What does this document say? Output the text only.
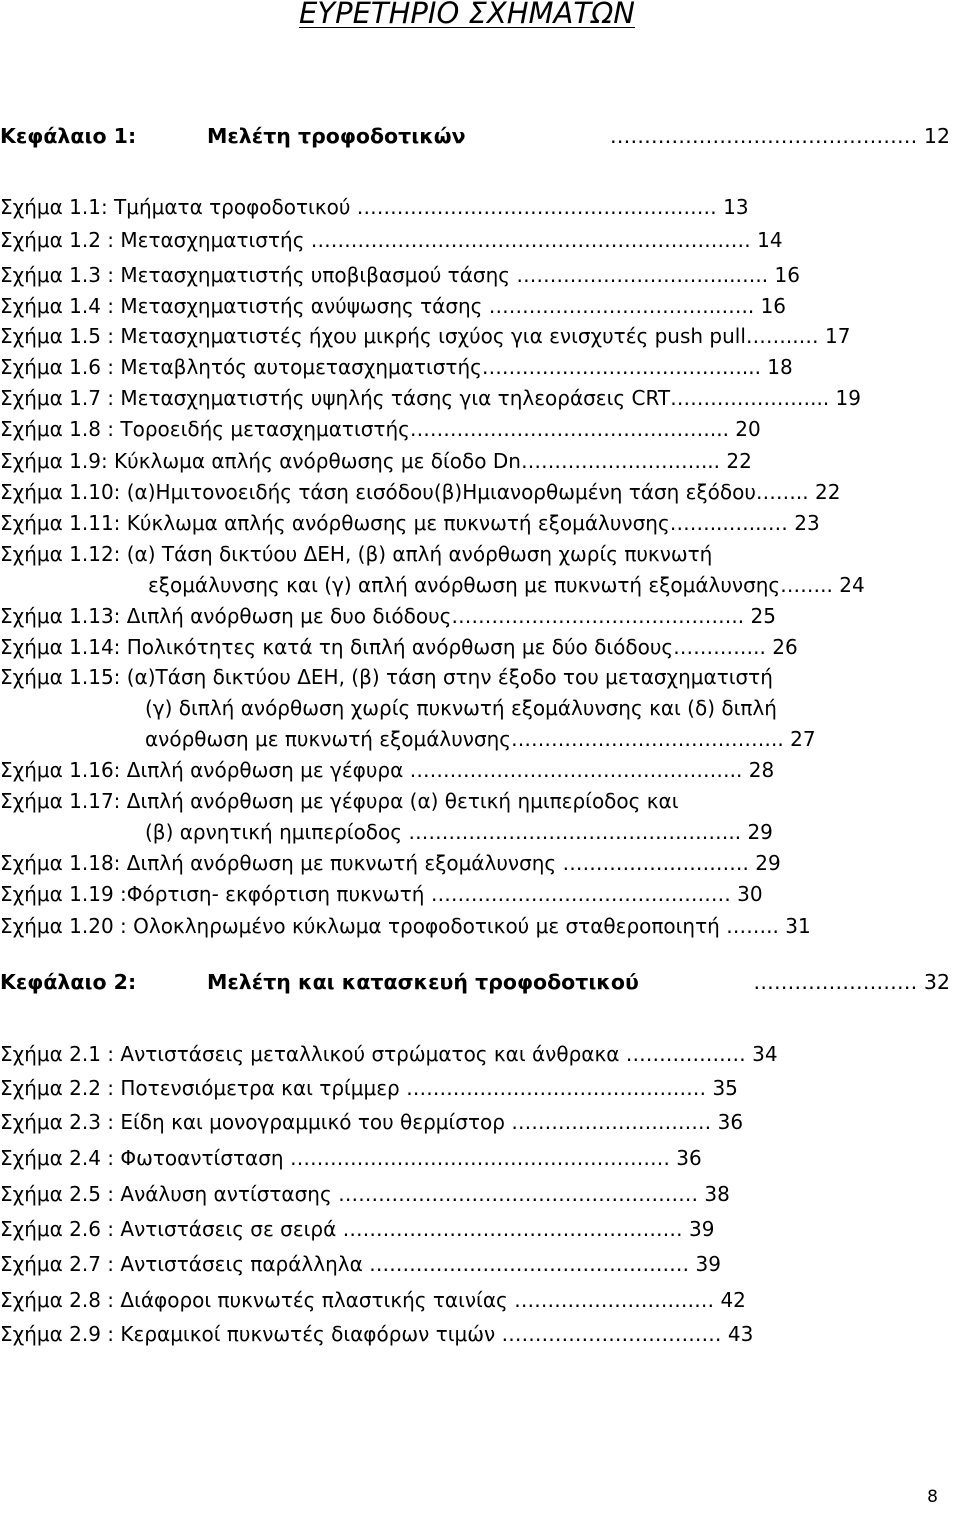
ΕΥΡΕΤΗΡΙΟ ΣΧΗΜΑΤΩΝ
Κεφάλαιο 1:	Μελέτη τροφοδοτικών	……………………………………… 12
Σχήμα 1.1: Τμήματα τροφοδοτικού ……………………………………………… 13
Σχήμα 1.2 : Μετασχηματιστής ………………………………………………………… 14
Σχήμα 1.3 : Μετασχηματιστής υποβιβασμού τάσης …………………………...….. 16
Σχήμα 1.4 : Μετασχηματιστής ανύψωσης τάσης ……………………………..….. 16
Σχήμα 1.5 : Μετασχηματιστές ήχου μικρής ισχύος για ενισχυτές push pull……..… 17
Σχήμα 1.6 : Μεταβλητός αυτομετασχηματιστής…………………………………... 18
Σχήμα 1.7 : Μετασχηματιστής υψηλής τάσης για τηλεοράσεις CRT…………………... 19
Σχήμα 1.8 : Τοροειδής μετασχηματιστής………………………………………... 20
Σχήμα 1.9: Κύκλωμα απλής ανόρθωσης με δίοδο Dn………………………... 22
Σχήμα 1.10: (α)Ημιτονοειδής τάση εισόδου(β)Ημιανορθωμένη τάση εξόδου…….. 22
Σχήμα 1.11: Κύκλωμα απλής ανόρθωσης με πυκνωτή εξομάλυνσης……...…...… 23
Σχήμα 1.12: (α) Τάση δικτύου ΔΕΗ, (β) απλή ανόρθωση χωρίς πυκνωτή
εξομάλυνσης και (γ) απλή ανόρθωση με πυκνωτή εξομάλυνσης…….. 24
Σχήμα 1.13: Διπλή ανόρθωση με δυο διόδους…………………………………….. 25
Σχήμα 1.14: Πολικότητες κατά τη διπλή ανόρθωση με δύο διόδους………….. 26
Σχήμα 1.15: (α)Τάση δικτύου ΔΕΗ, (β) τάση στην έξοδο του μετασχηματιστή
(γ) διπλή ανόρθωση χωρίς πυκνωτή εξομάλυνσης και (δ) διπλή
ανόρθωση με πυκνωτή εξομάλυνσης………………………………….. 27
Σχήμα 1.16: Διπλή ανόρθωση με γέφυρα ………………………………………….. 28
Σχήμα 1.17: Διπλή ανόρθωση με γέφυρα (α) θετική ημιπερίοδος και
(β) αρνητική ημιπερίοδος ………………………………………….. 29
Σχήμα 1.18: Διπλή ανόρθωση με πυκνωτή εξομάλυνσης ………………………. 29
Σχήμα 1.19 :Φόρτιση- εκφόρτιση πυκνωτή ……………………………………… 30
Σχήμα 1.20 : Ολοκληρωμένο κύκλωμα τροφοδοτικού με σταθεροποιητή …….. 31
Κεφάλαιο 2:	Μελέτη και κατασκευή τροφοδοτικού	…………………… 32
Σχήμα 2.1 : Αντιστάσεις μεταλλικού στρώματος και άνθρακα ……………… 34
Σχήμα 2.2 : Ποτενσιόμετρα και τρίμμερ ……………………………………… 35
Σχήμα 2.3 : Είδη και μονογραμμικό του θερμίστορ ………………………… 36
Σχήμα 2.4 : Φωτοαντίσταση ………………………………………………… 36
Σχήμα 2.5 : Ανάλυση αντίστασης ……………………………………………… 38
Σχήμα 2.6 : Αντιστάσεις σε σειρά …………………………………………… 39
Σχήμα 2.7 : Αντιστάσεις παράλληλα ………………………………………… 39
Σχήμα 2.8 : Διάφοροι πυκνωτές πλαστικής ταινίας ………………………… 42
Σχήμα 2.9 : Κεραμικοί πυκνωτές διαφόρων τιμών …………………………… 43
8
